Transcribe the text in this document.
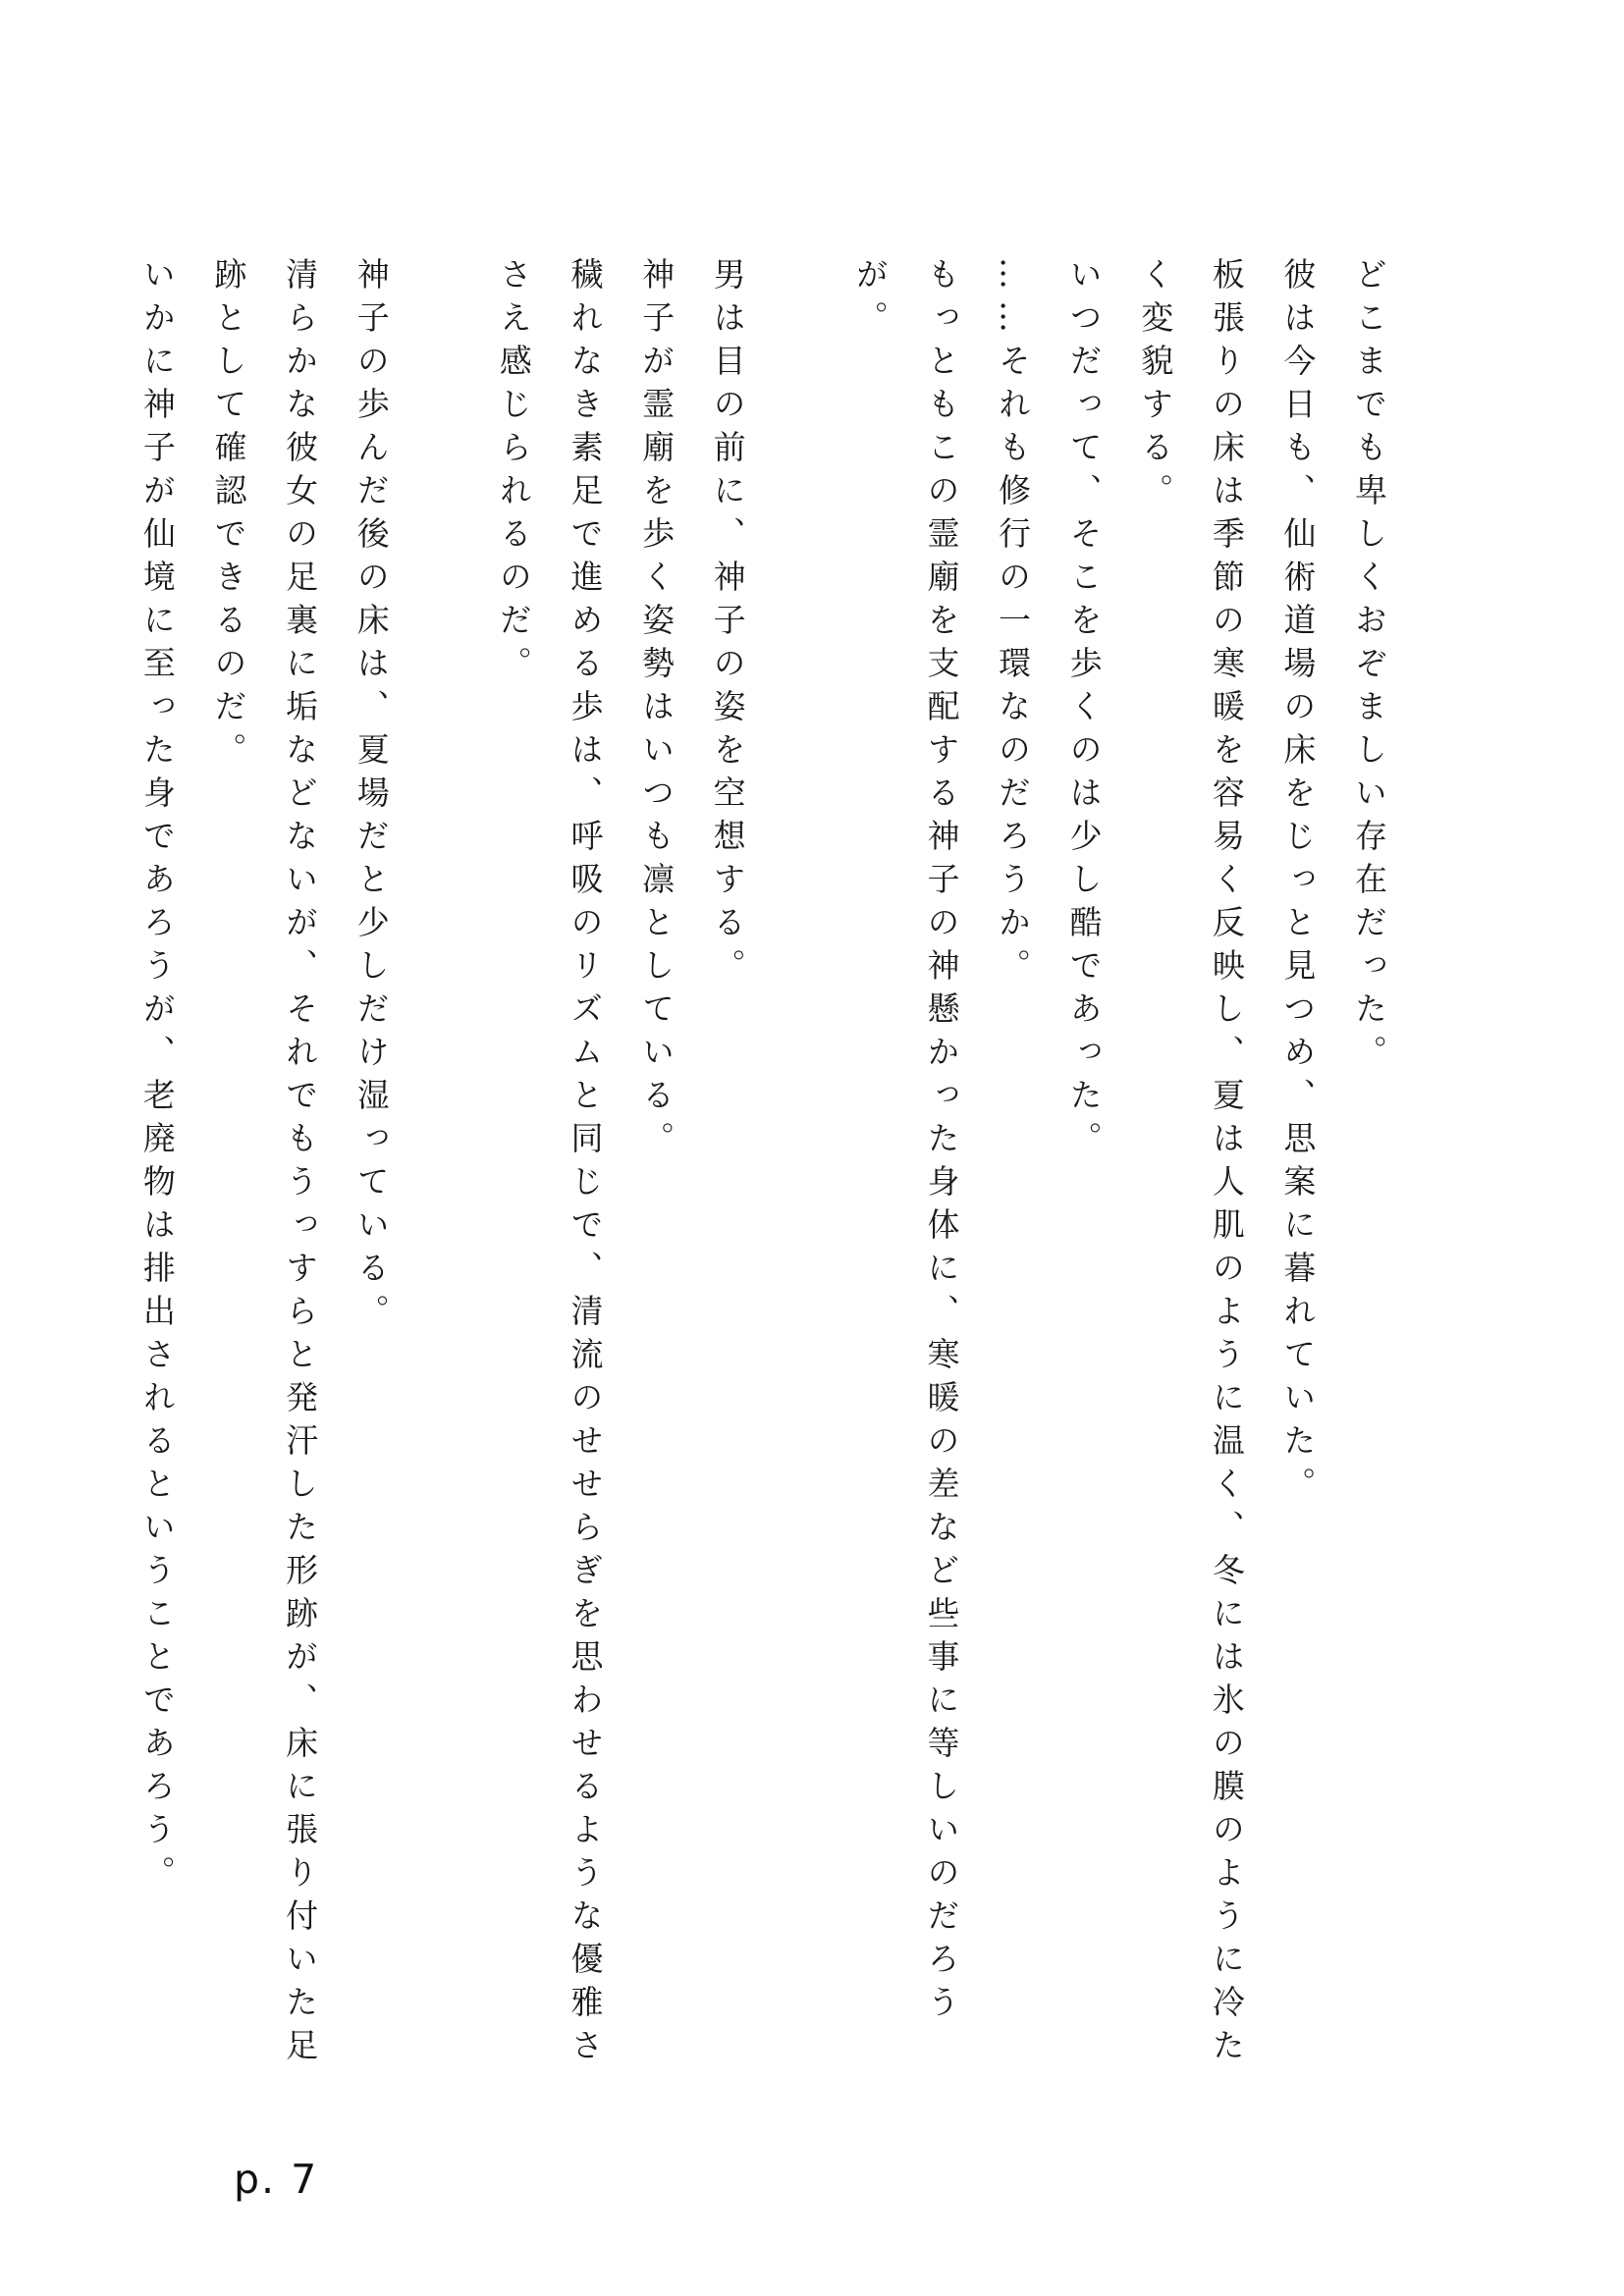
どこまでも卑しくおぞましい存在だった。

彼は今日も、仙術道場の床をじっと見つめ、思案に暮れていた。

板張りの床は季節の寒暖を容易く反映し、夏は人肌のように温く、冬には氷の膜のように冷たく変貌する。

いつだって、そこを歩くのは少し酷であった。

……それも修行の一環なのだろうか。

もっともこの霊廟を支配する神子の神懸かった身体に、寒暖の差など些事に等しいのだろうが。

男は目の前に、神子の姿を空想する。

神子が霊廟を歩く姿勢はいつも凛としている。

穢れなき素足で進める歩は、呼吸のリズムと同じで、清流のせせらぎを思わせるような優雅ささえ感じられるのだ。

神子の歩んだ後の床は、夏場だと少しだけ湿っている。

清らかな彼女の足裏に垢などないが、それでもうっすらと発汗した形跡が、床に張り付いた足跡として確認できるのだ。

いかに神子が仙境に至った身であろうが、老廃物は排出されるということであろう。

p. 7
